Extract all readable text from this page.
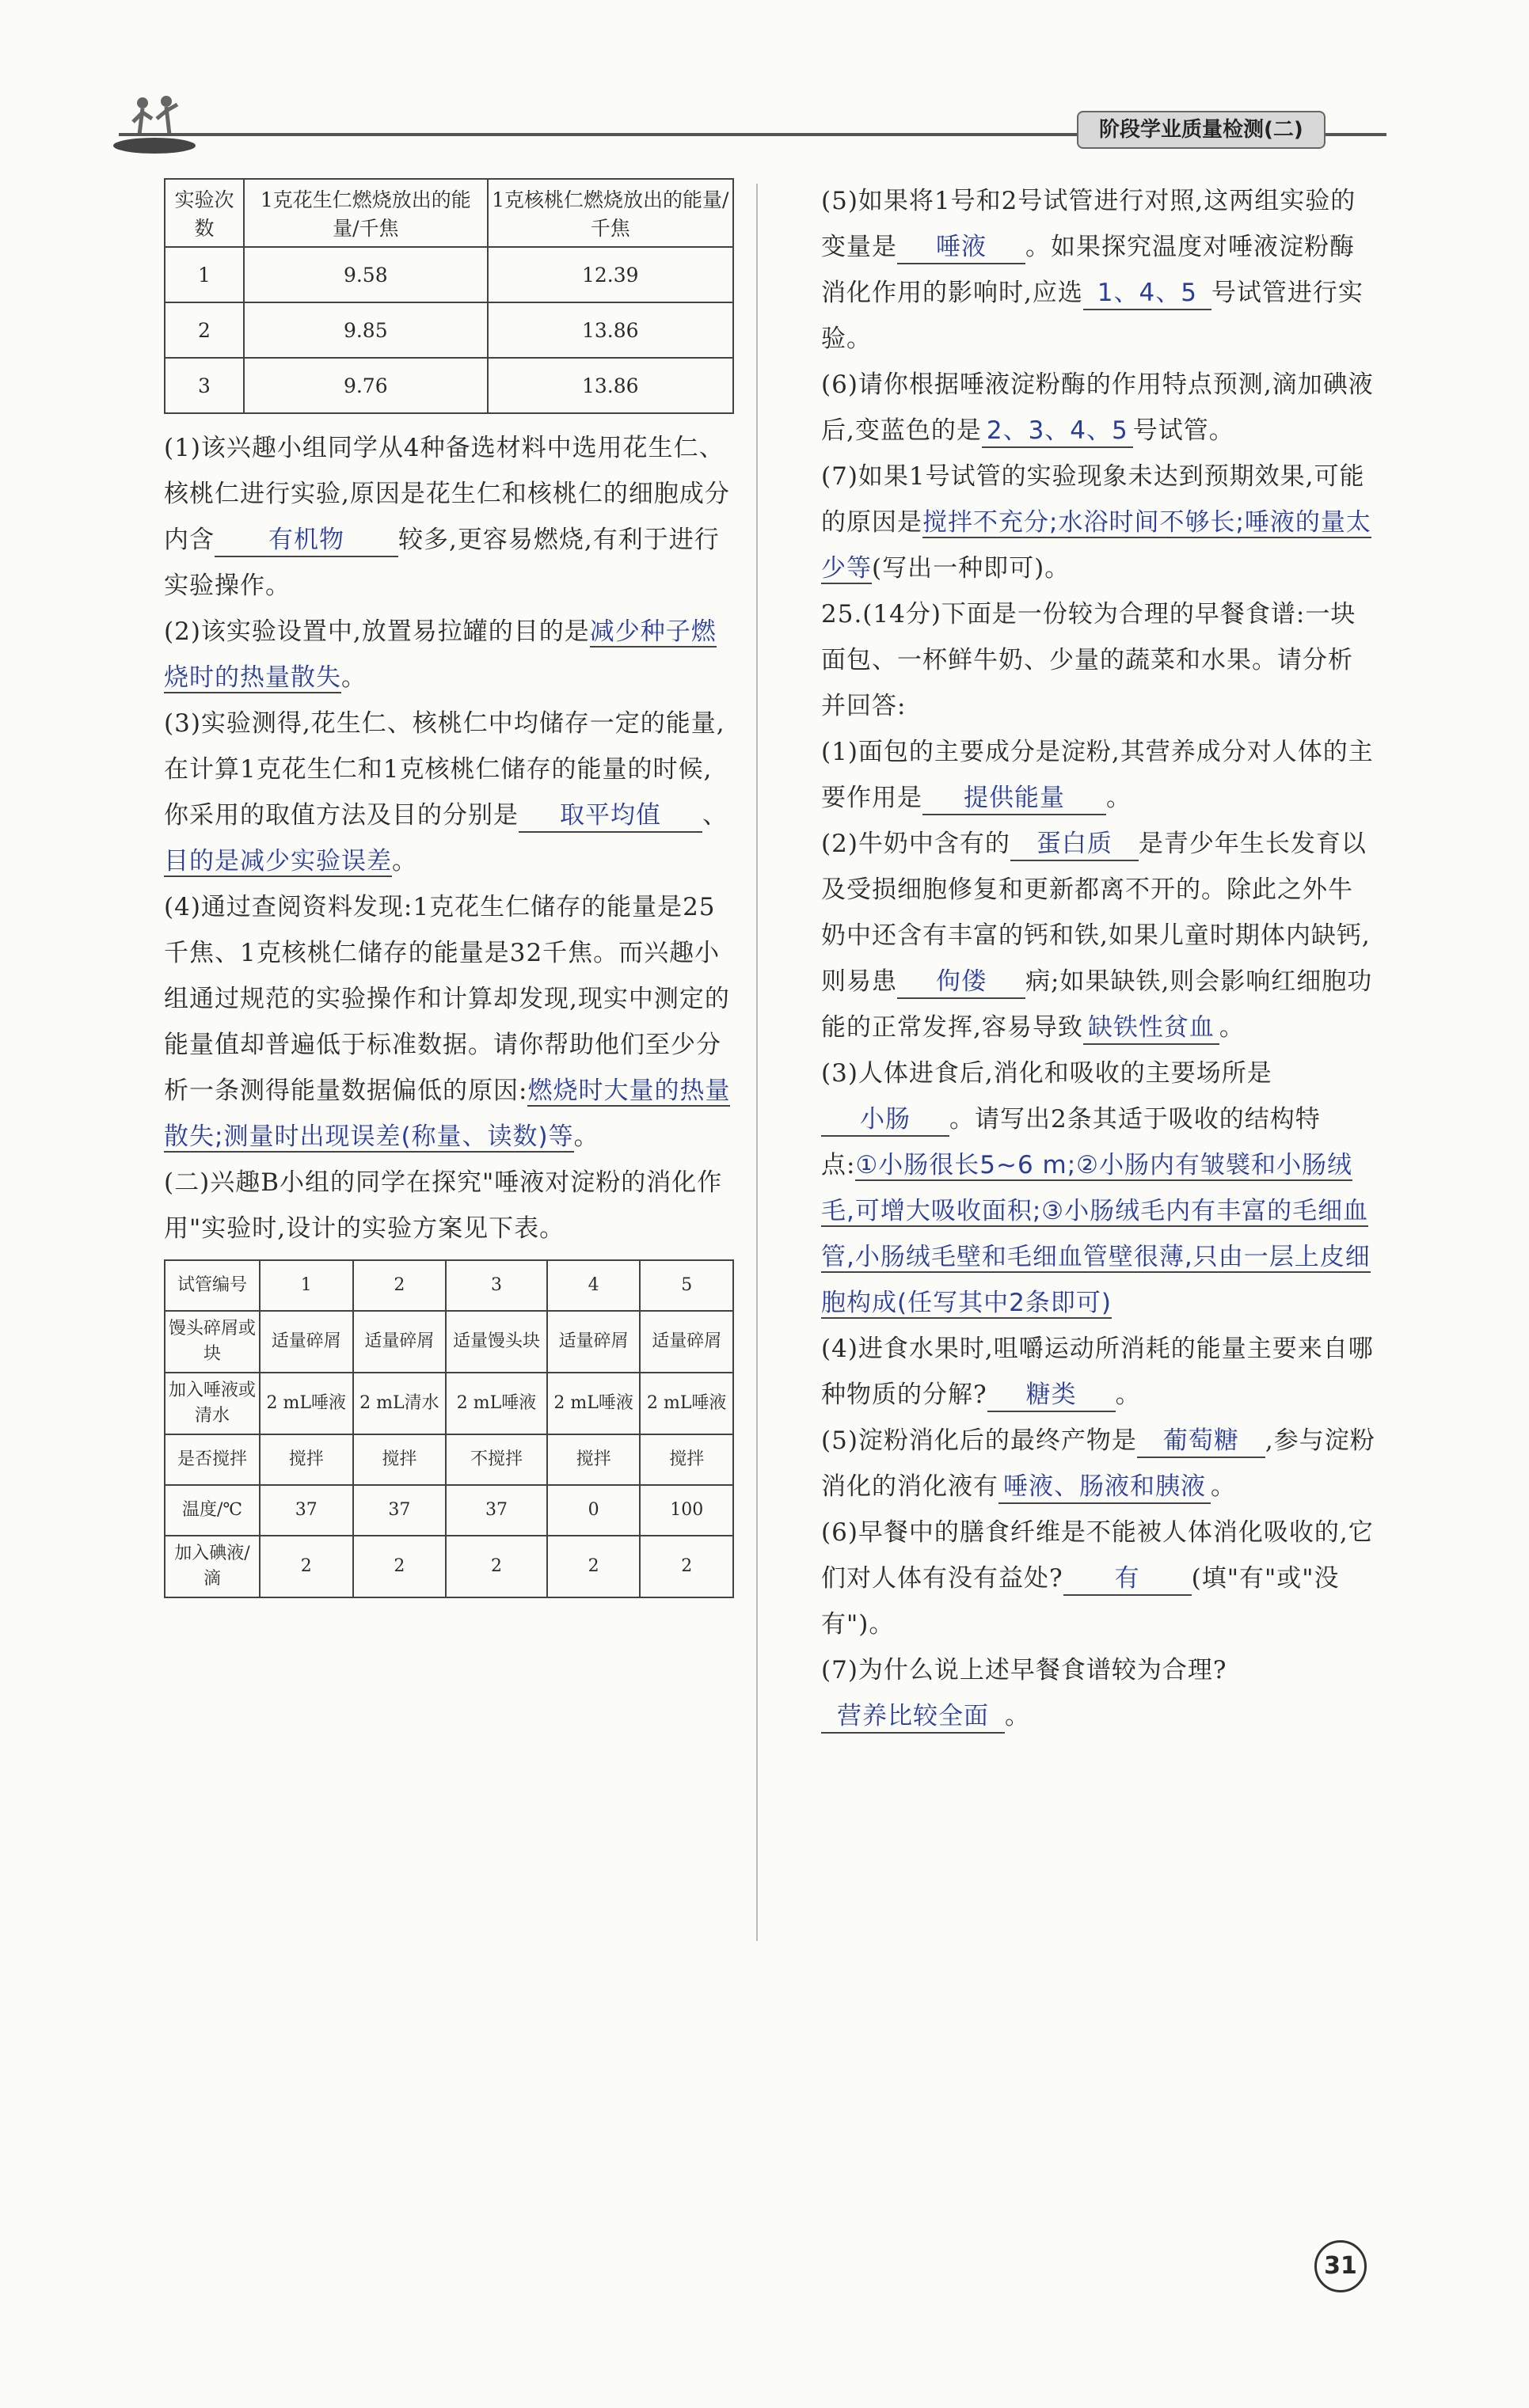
阶段学业质量检测(二)
实验次数	1克花生仁燃烧放出的能量/千焦	1克核桃仁燃烧放出的能量/千焦
1	9.58	12.39
2	9.85	13.86
3	9.76	13.86

(1)该兴趣小组同学从4种备选材料中选用花生仁、核桃仁进行实验,原因是花生仁和核桃仁的细胞成分内含 有机物 较多,更容易燃烧,有利于进行实验操作。

(2)该实验设置中,放置易拉罐的目的是减少种子燃烧时的热量散失。

(3)实验测得,花生仁、核桃仁中均储存一定的能量,在计算1克花生仁和1克核桃仁储存的能量的时候,你采用的取值方法及目的分别是 取平均值 、目的是减少实验误差。

(4)通过查阅资料发现:1克花生仁储存的能量是25千焦、1克核桃仁储存的能量是32千焦。而兴趣小组通过规范的实验操作和计算却发现,现实中测定的能量值却普遍低于标准数据。请你帮助他们至少分析一条测得能量数据偏低的原因:燃烧时大量的热量散失;测量时出现误差(称量、读数)等。

(二)兴趣B小组的同学在探究"唾液对淀粉的消化作用"实验时,设计的实验方案见下表。

试管编号	1	2	3	4	5
馒头碎屑或块	适量碎屑	适量碎屑	适量馒头块	适量碎屑	适量碎屑
加入唾液或清水	2 mL唾液	2 mL清水	2 mL唾液	2 mL唾液	2 mL唾液
是否搅拌	搅拌	搅拌	不搅拌	搅拌	搅拌
温度/℃	37	37	37	0	100
加入碘液/滴	2	2	2	2	2

(5)如果将1号和2号试管进行对照,这两组实验的变量是 唾液 。如果探究温度对唾液淀粉酶消化作用的影响时,应选 1、4、5 号试管进行实验。

(6)请你根据唾液淀粉酶的作用特点预测,滴加碘液后,变蓝色的是 2、3、4、5 号试管。

(7)如果1号试管的实验现象未达到预期效果,可能的原因是搅拌不充分;水浴时间不够长;唾液的量太少等(写出一种即可)。

25.(14分)下面是一份较为合理的早餐食谱:一块面包、一杯鲜牛奶、少量的蔬菜和水果。请分析并回答:

(1)面包的主要成分是淀粉,其营养成分对人体的主要作用是 提供能量 。

(2)牛奶中含有的 蛋白质 是青少年生长发育以及受损细胞修复和更新都离不开的。除此之外牛奶中还含有丰富的钙和铁,如果儿童时期体内缺钙,则易患 佝偻 病;如果缺铁,则会影响红细胞功能的正常发挥,容易导致 缺铁性贫血 。

(3)人体进食后,消化和吸收的主要场所是小肠 。请写出2条其适于吸收的结构特点:①小肠很长5~6 m;②小肠内有皱襞和小肠绒毛,可增大吸收面积;③小肠绒毛内有丰富的毛细血管,小肠绒毛壁和毛细血管壁很薄,只由一层上皮细胞构成(任写其中2条即可)

(4)进食水果时,咀嚼运动所消耗的能量主要来自哪种物质的分解? 糖类 。

(5)淀粉消化后的最终产物是 葡萄糖 ,参与淀粉消化的消化液有 唾液、肠液和胰液 。

(6)早餐中的膳食纤维是不能被人体消化吸收的,它们对人体有没有益处? 有 (填"有"或"没有")。

(7)为什么说上述早餐食谱较为合理?营养比较全面 。

31
